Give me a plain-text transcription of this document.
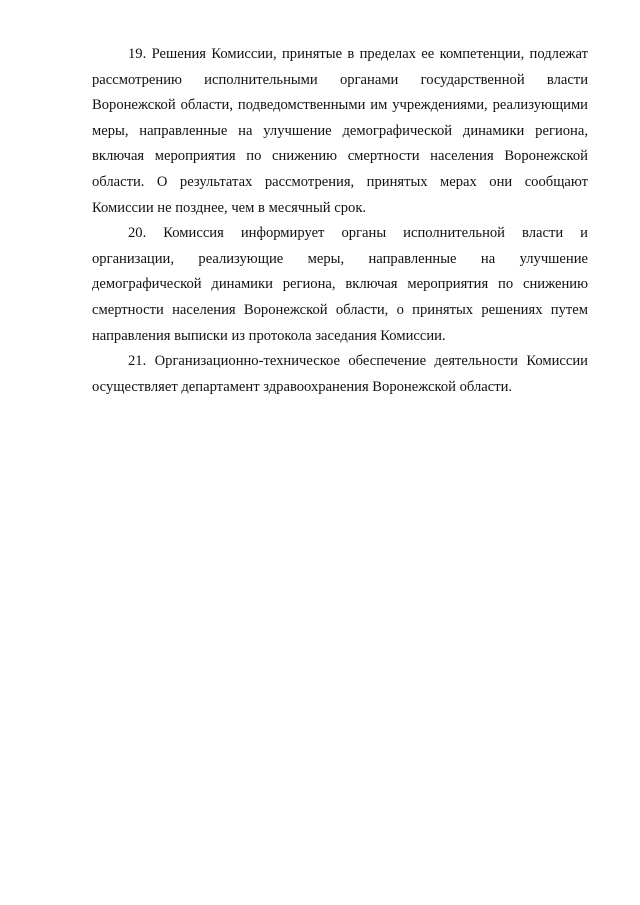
19. Решения Комиссии, принятые в пределах ее компетенции, подлежат рассмотрению исполнительными органами государственной власти Воронежской области, подведомственными им учреждениями, реализующими меры, направленные на улучшение демографической динамики региона, включая мероприятия по снижению смертности населения Воронежской области. О результатах рассмотрения, принятых мерах они сообщают Комиссии не позднее, чем в месячный срок.

20. Комиссия информирует органы исполнительной власти и организации, реализующие меры, направленные на улучшение демографической динамики региона, включая мероприятия по снижению смертности населения Воронежской области, о принятых решениях путем направления выписки из протокола заседания Комиссии.

21. Организационно-техническое обеспечение деятельности Комиссии осуществляет департамент здравоохранения Воронежской области.
